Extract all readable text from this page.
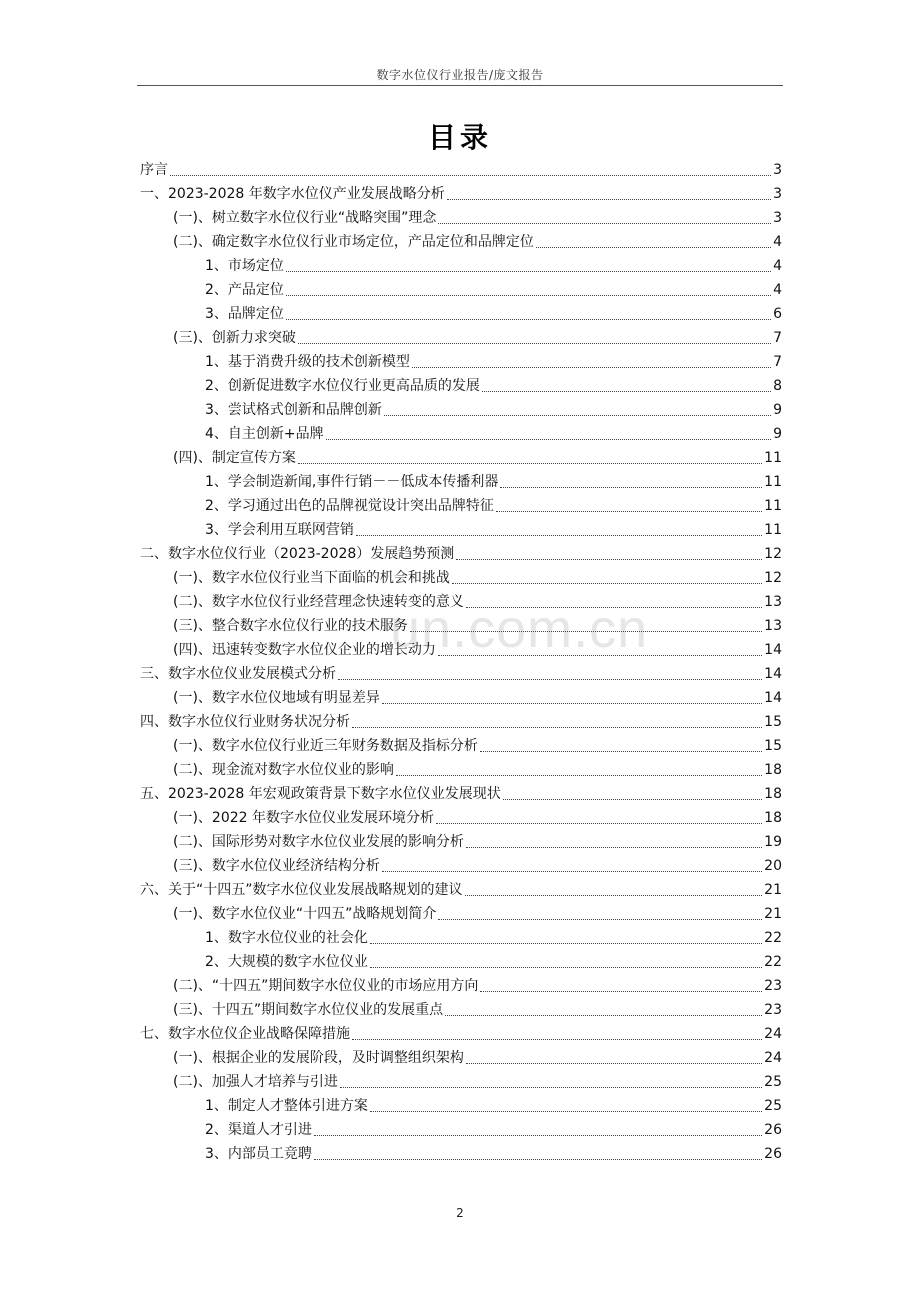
数字水位仪行业报告/庞文报告
目录
un.com.cn
序言	3
一、2023-2028 年数字水位仪产业发展战略分析	3
(一)、树立数字水位仪行业“战略突围”理念	3
(二)、确定数字水位仪行业市场定位，产品定位和品牌定位	4
1、市场定位	4
2、产品定位	4
3、品牌定位	6
(三)、创新力求突破	7
1、基于消费升级的技术创新模型	7
2、创新促进数字水位仪行业更高品质的发展	8
3、尝试格式创新和品牌创新	9
4、自主创新+品牌	9
(四)、制定宣传方案	11
1、学会制造新闻,事件行销－－低成本传播利器	11
2、学习通过出色的品牌视觉设计突出品牌特征	11
3、学会利用互联网营销	11
二、数字水位仪行业（2023-2028）发展趋势预测	12
(一)、数字水位仪行业当下面临的机会和挑战	12
(二)、数字水位仪行业经营理念快速转变的意义	13
(三)、整合数字水位仪行业的技术服务	13
(四)、迅速转变数字水位仪企业的增长动力	14
三、数字水位仪业发展模式分析	14
(一)、数字水位仪地域有明显差异	14
四、数字水位仪行业财务状况分析	15
(一)、数字水位仪行业近三年财务数据及指标分析	15
(二)、现金流对数字水位仪业的影响	18
五、2023-2028 年宏观政策背景下数字水位仪业发展现状	18
(一)、2022 年数字水位仪业发展环境分析	18
(二)、国际形势对数字水位仪业发展的影响分析	19
(三)、数字水位仪业经济结构分析	20
六、关于“十四五”数字水位仪业发展战略规划的建议	21
(一)、数字水位仪业“十四五”战略规划简介	21
1、数字水位仪业的社会化	22
2、大规模的数字水位仪业	22
(二)、“十四五”期间数字水位仪业的市场应用方向	23
(三)、十四五”期间数字水位仪业的发展重点	23
七、数字水位仪企业战略保障措施	24
(一)、根据企业的发展阶段，及时调整组织架构	24
(二)、加强人才培养与引进	25
1、制定人才整体引进方案	25
2、渠道人才引进	26
3、内部员工竞聘	26
2
